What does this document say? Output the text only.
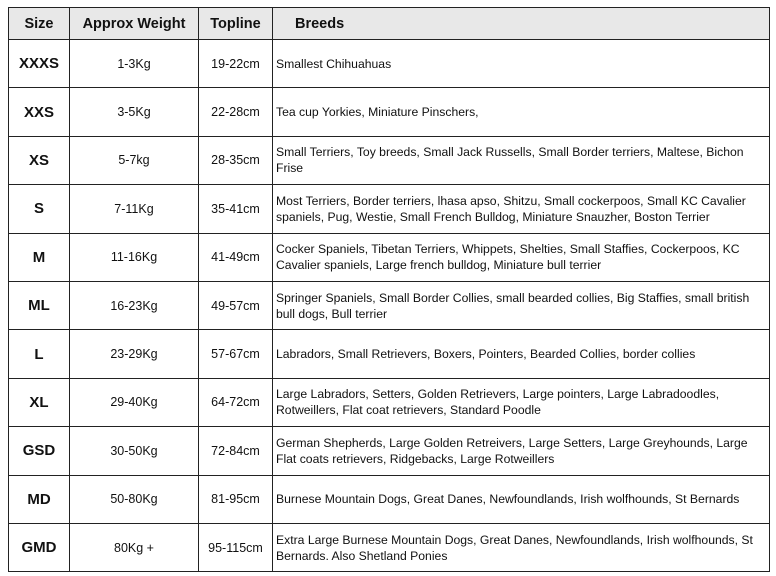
Size	Approx Weight	Topline	Breeds
XXXS	1-3Kg	19-22cm	Smallest Chihuahuas
XXS	3-5Kg	22-28cm	Tea cup Yorkies, Miniature Pinschers,
XS	5-7kg	28-35cm	Small Terriers, Toy breeds, Small Jack Russells, Small Border terriers, Maltese, Bichon Frise
S	7-11Kg	35-41cm	Most Terriers, Border terriers, lhasa apso, Shitzu, Small cockerpoos, Small KC Cavalier spaniels, Pug, Westie, Small French Bulldog, Miniature Snauzher, Boston Terrier
M	11-16Kg	41-49cm	Cocker Spaniels, Tibetan Terriers, Whippets, Shelties, Small Staffies, Cockerpoos, KC Cavalier spaniels, Large french bulldog, Miniature bull terrier
ML	16-23Kg	49-57cm	Springer Spaniels, Small Border Collies, small bearded collies, Big Staffies, small british bull dogs, Bull terrier
L	23-29Kg	57-67cm	Labradors, Small Retrievers, Boxers, Pointers, Bearded Collies, border collies
XL	29-40Kg	64-72cm	Large Labradors, Setters, Golden Retrievers, Large pointers, Large Labradoodles, Rotweillers, Flat coat retrievers, Standard Poodle
GSD	30-50Kg	72-84cm	German Shepherds, Large Golden Retreivers, Large Setters, Large Greyhounds, Large Flat coats retrievers, Ridgebacks, Large Rotweillers
MD	50-80Kg	81-95cm	Burnese Mountain Dogs, Great Danes, Newfoundlands, Irish wolfhounds, St Bernards
GMD	80Kg +	95-115cm	Extra Large Burnese Mountain Dogs, Great Danes, Newfoundlands, Irish wolfhounds, St Bernards. Also Shetland Ponies
